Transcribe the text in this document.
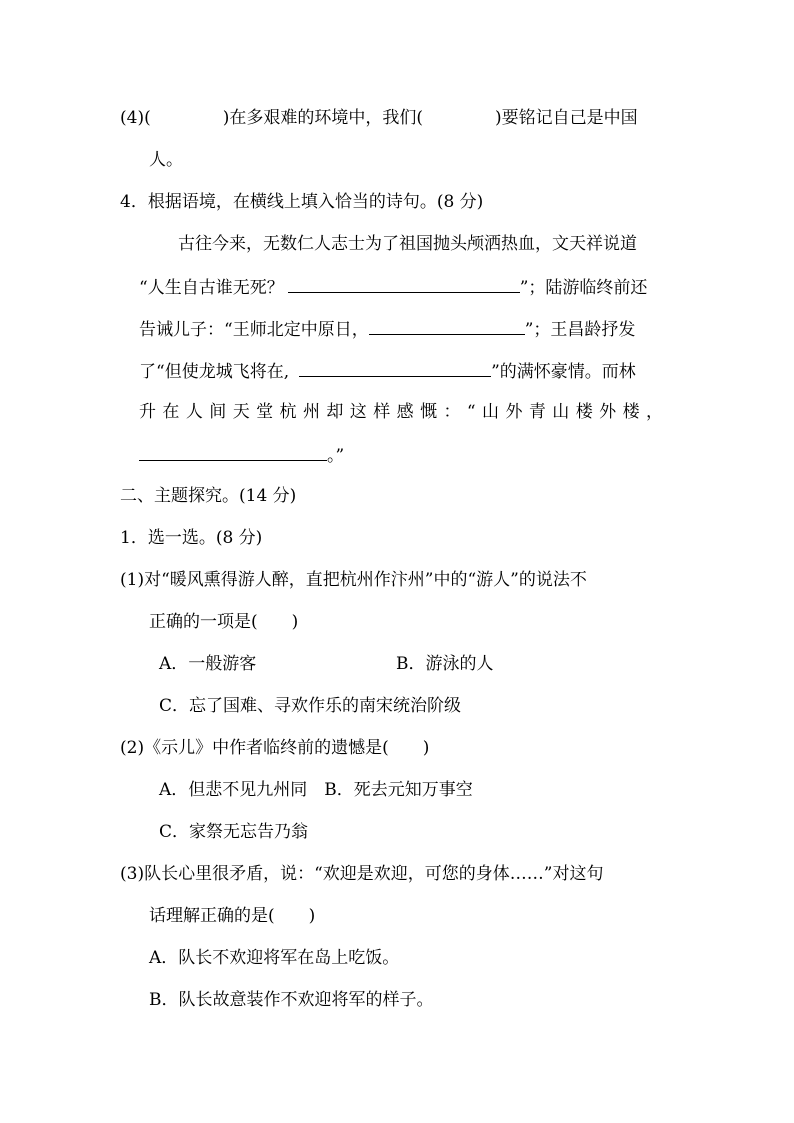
(4)(	)在多艰难的环境中，我们(	)要铭记自己是中国
人。
4．根据语境，在横线上填入恰当的诗句。(8 分)
古往今来，无数仁人志士为了祖国抛头颅洒热血，文天祥说道
“人生自古谁无死？	”；陆游临终前还
告诫儿子：“王师北定中原日，	”；王昌龄抒发
了“但使龙城飞将在,	”的满怀豪情。而林
升 在 人 间 天 堂 杭 州 却 这 样 感 慨 ： “ 山 外 青 山 楼 外 楼 ，
。”
二、主题探究。(14 分)
1．选一选。(8 分)
(1)对“暖风熏得游人醉，直把杭州作汴州”中的“游人”的说法不
正确的一项是(　　)
A．一般游客	B．游泳的人
C．忘了国难、寻欢作乐的南宋统治阶级
(2)《示儿》中作者临终前的遗憾是(　　)
A．但悲不见九州同　B．死去元知万事空
C．家祭无忘告乃翁
(3)队长心里很矛盾，说：“欢迎是欢迎，可您的身体……”对这句
话理解正确的是(　　)
A．队长不欢迎将军在岛上吃饭。
B．队长故意装作不欢迎将军的样子。
